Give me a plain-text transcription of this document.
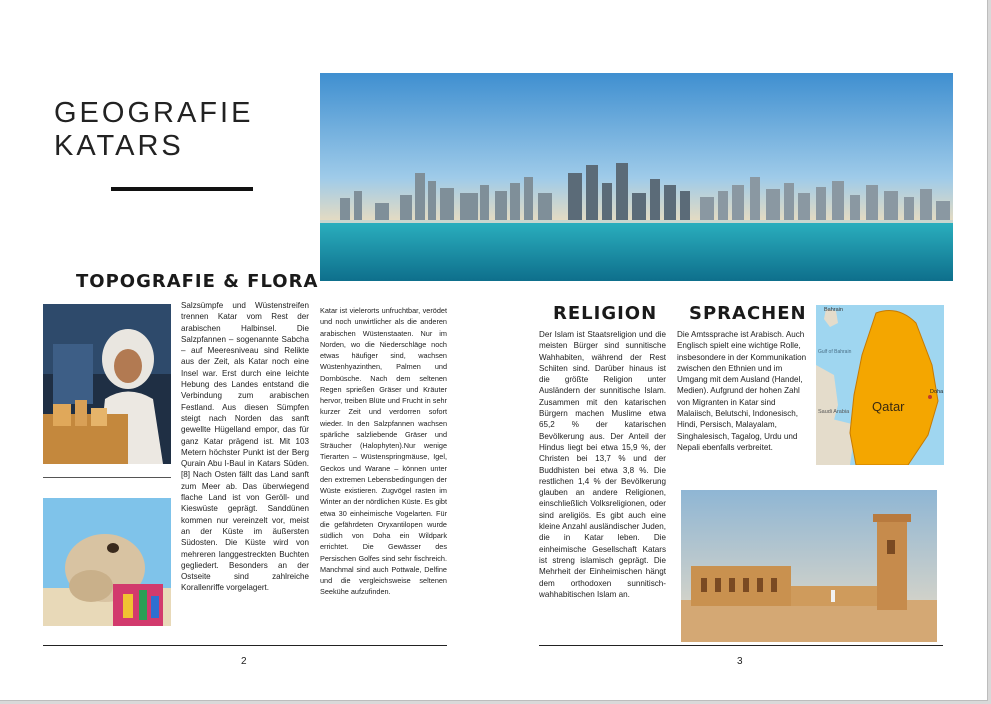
GEOGRAFIE
KATARS
TOPOGRAFIE & FLORA
Salzsümpfe und Wüstenstreifen trennen Katar vom Rest der arabischen Halbinsel. Die Salzpfannen – sogenannte Sabcha – auf Meeresniveau sind Relikte aus der Zeit, als Katar noch eine Insel war. Erst durch eine leichte Hebung des Landes entstand die Verbindung zum arabischen Festland. Aus diesen Sümpfen steigt nach Norden das sanft gewellte Hügelland empor, das für ganz Katar prägend ist. Mit 103 Metern höchster Punkt ist der Berg Qurain Abu l-Baul in Katars Süden.[8] Nach Osten fällt das Land sanft zum Meer ab. Das überwiegend flache Land ist von Geröll- und Kieswüste geprägt. Sanddünen kommen nur vereinzelt vor, meist an der Küste im äußersten Südosten. Die Küste wird von mehreren langgestreckten Buchten gegliedert. Besonders an der Ostseite sind zahlreiche Korallenriffe vorgelagert.
Katar ist vielerorts unfruchtbar, verödet und noch unwirtlicher als die anderen arabischen Wüstenstaaten. Nur im Norden, wo die Niederschläge noch etwas häufiger sind, wachsen Wüstenhyazinthen, Palmen und Dornbüsche. Nach dem seltenen Regen sprießen Gräser und Kräuter hervor, treiben Blüte und Frucht in sehr kurzer Zeit und verdorren sofort wieder. In den Salzpfannen wachsen spärliche salzliebende Gräser und Sträucher (Halophyten).Nur wenige Tierarten – Wüstenspringmäuse, Igel, Geckos und Warane – können unter den extremen Lebensbedingungen der Wüste existieren. Zugvögel rasten im Winter an der nördlichen Küste. Es gibt etwa 30 einheimische Vogelarten. Für die gefährdeten Oryxantilopen wurde südlich von Doha ein Wildpark errichtet. Die Gewässer des Persischen Golfes sind sehr fischreich. Manchmal sind auch Pottwale, Delfine und die vergleichsweise seltenen Seekühe aufzufinden.
2
RELIGION
Der Islam ist Staatsreligion und die meisten Bürger sind sunnitische Wahhabiten, während der Rest Schiiten sind. Darüber hinaus ist die größte Religion unter Ausländern der sunnitische Islam. Zusammen mit den katarischen Bürgern machen Muslime etwa 65,2 % der katarischen Bevölkerung aus. Der Anteil der Hindus liegt bei etwa 15,9 %, der Christen bei 13,7 % und der Buddhisten bei etwa 3,8 %. Die restlichen 1,4 % der Bevölkerung glauben an andere Religionen, einschließlich Volksreligionen, oder sind areligiös. Es gibt auch eine kleine Anzahl ausländischer Juden, die in Katar leben. Die einheimische Gesellschaft Katars ist streng islamisch geprägt. Die Mehrheit der Einheimischen hängt dem orthodoxen sunnitisch-wahhabitischen Islam an.
SPRACHEN
Die Amtssprache ist Arabisch. Auch Englisch spielt eine wichtige Rolle, insbesondere in der Kommunikation zwischen den Ethnien und im Umgang mit dem Ausland (Handel, Medien). Aufgrund der hohen Zahl von Migranten in Katar sind Malaiisch, Belutschi, Indonesisch, Hindi, Persisch, Malayalam, Singhalesisch, Tagalog, Urdu und Nepali ebenfalls verbreitet.
Bahrain
Gulf of Bahrain
Saudi Arabia
Doha
Qatar
3
